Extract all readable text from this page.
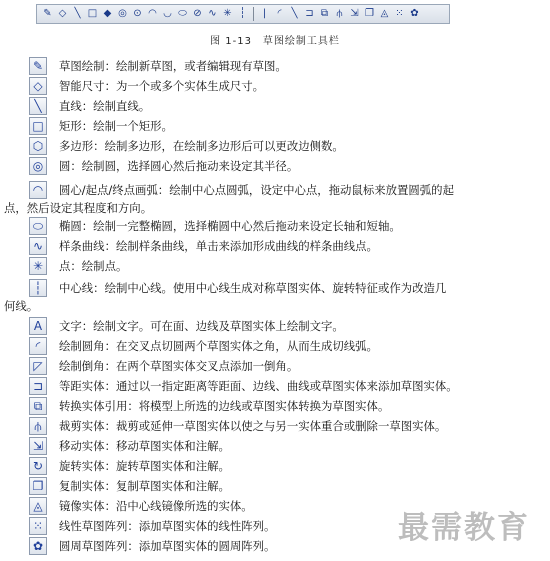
✎ ◇ ╲ □ ◆ ◎ ⊙ ◠ ◡ ⬭ ⊘ ∿ ✳ ┆	|	◜	╲ ⊐ ⧉ ⫛ ⇲ ❐ ◬ ⁙ ✿
图 1-13　草图绘制工具栏
✎	草图绘制：绘制新草图，或者编辑现有草图。
◇	智能尺寸：为一个或多个实体生成尺寸。
╲	直线：绘制直线。
□ 矩形：绘制一个矩形。
⬡	多边形：绘制多边形，在绘制多边形后可以更改边侧数。
◎	圆：绘制圆，选择圆心然后拖动来设定其半径。
◠	圆心/起点/终点画弧：绘制中心点圆弧，设定中心点，拖动鼠标来放置圆弧的起
点，然后设定其程度和方向。
⬭	椭圆：绘制一完整椭圆，选择椭圆中心然后拖动来设定长轴和短轴。
∿	样条曲线：绘制样条曲线，单击来添加形成曲线的样条曲线点。
✳	点：绘制点。
┆	中心线：绘制中心线。使用中心线生成对称草图实体、旋转特征或作为改造几
何线。
A	文字：绘制文字。可在面、边线及草图实体上绘制文字。
◜	绘制圆角：在交叉点切圆两个草图实体之角，从而生成切线弧。
◸	绘制倒角：在两个草图实体交叉点添加一倒角。
⊐	等距实体：通过以一指定距离等距面、边线、曲线或草图实体来添加草图实体。
⧉	转换实体引用：将模型上所选的边线或草图实体转换为草图实体。
⫛	裁剪实体：裁剪或延伸一草图实体以使之与另一实体重合或删除一草图实体。
⇲	移动实体：移动草图实体和注解。
↻	旋转实体：旋转草图实体和注解。
❐	复制实体：复制草图实体和注解。
◬	镜像实体：沿中心线镜像所选的实体。
⁙	线性草图阵列：添加草图实体的线性阵列。
✿	圆周草图阵列：添加草图实体的圆周阵列。	最需教育
